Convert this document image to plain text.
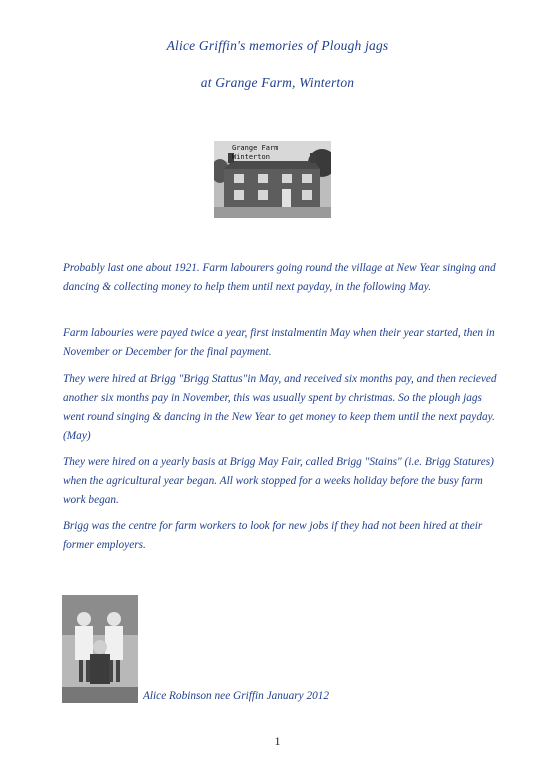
Alice Griffin's memories of Plough jags
at Grange Farm, Winterton
Grange Farm
Winterton
Probably last one about 1921. Farm labourers going round the village at New Year singing and dancing & collecting money to help them until next payday, in the following May.
Farm labouries were payed twice a year, first instalmentin May when their year started, then in November or December for the final payment.
They were hired at Brigg "Brigg Stattus"in May, and received six months pay, and then recieved another six months pay in November, this was usually spent by christmas. So the plough jags went round singing & dancing in the New Year to get money to keep them until the next payday. (May)
They were hired on a yearly basis at Brigg May Fair, called Brigg "Stains" (i.e. Brigg Statures) when the agricultural year began. All work stopped for a weeks holiday before the busy farm work began.
Brigg was the centre for farm workers to look for new jobs if they had not been hired at their former employers.
Alice Robinson nee Griffin January 2012
1
